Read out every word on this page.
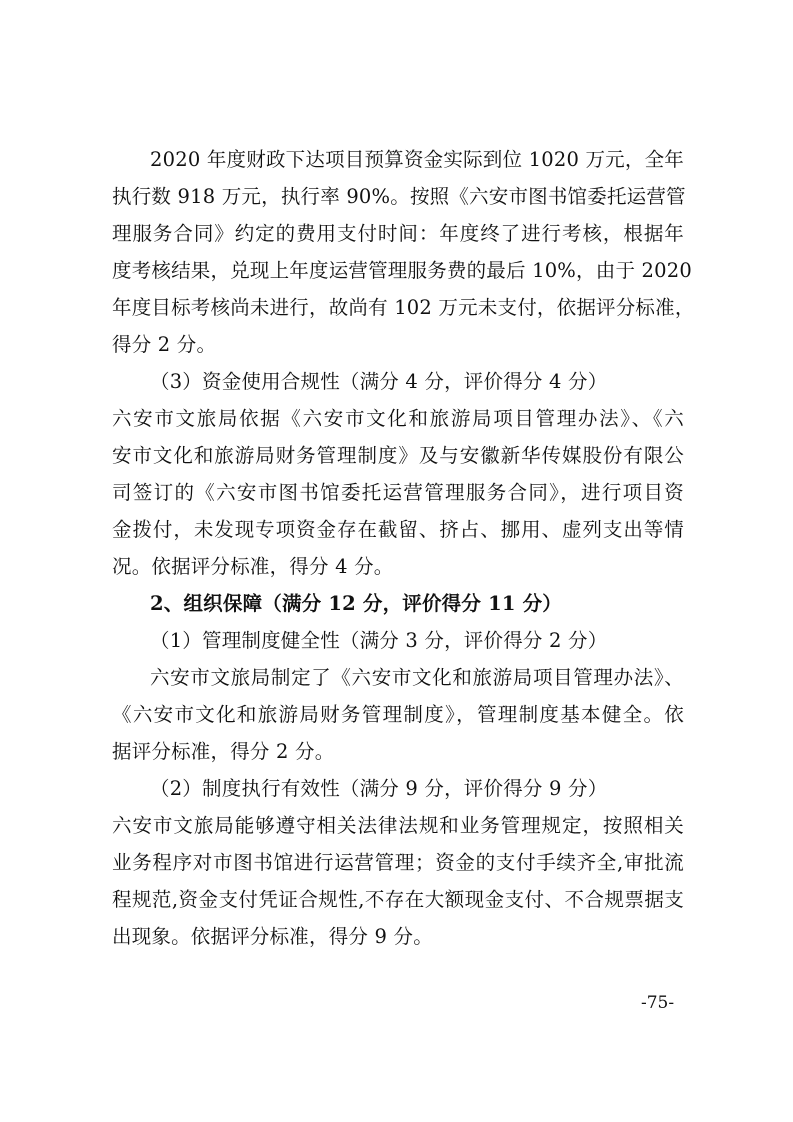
2020 年度财政下达项目预算资金实际到位 1020 万元，全年
执行数 918 万元，执行率 90%。按照《六安市图书馆委托运营管
理服务合同》约定的费用支付时间：年度终了进行考核，根据年
度考核结果，兑现上年度运营管理服务费的最后 10%，由于 2020
年度目标考核尚未进行，故尚有 102 万元未支付，依据评分标准，
得分 2 分。
（3）资金使用合规性（满分 4 分，评价得分 4 分）
六安市文旅局依据《六安市文化和旅游局项目管理办法》、《六
安市文化和旅游局财务管理制度》及与安徽新华传媒股份有限公
司签订的《六安市图书馆委托运营管理服务合同》，进行项目资
金拨付，未发现专项资金存在截留、挤占、挪用、虚列支出等情
况。依据评分标准，得分 4 分。
2、组织保障（满分 12 分，评价得分 11 分）
（1）管理制度健全性（满分 3 分，评价得分 2 分）
六安市文旅局制定了《六安市文化和旅游局项目管理办法》、
《六安市文化和旅游局财务管理制度》，管理制度基本健全。依
据评分标准，得分 2 分。
（2）制度执行有效性（满分 9 分，评价得分 9 分）
六安市文旅局能够遵守相关法律法规和业务管理规定，按照相关
业务程序对市图书馆进行运营管理；资金的支付手续齐全,审批流
程规范,资金支付凭证合规性,不存在大额现金支付、不合规票据支
出现象。依据评分标准，得分 9 分。
-75-
